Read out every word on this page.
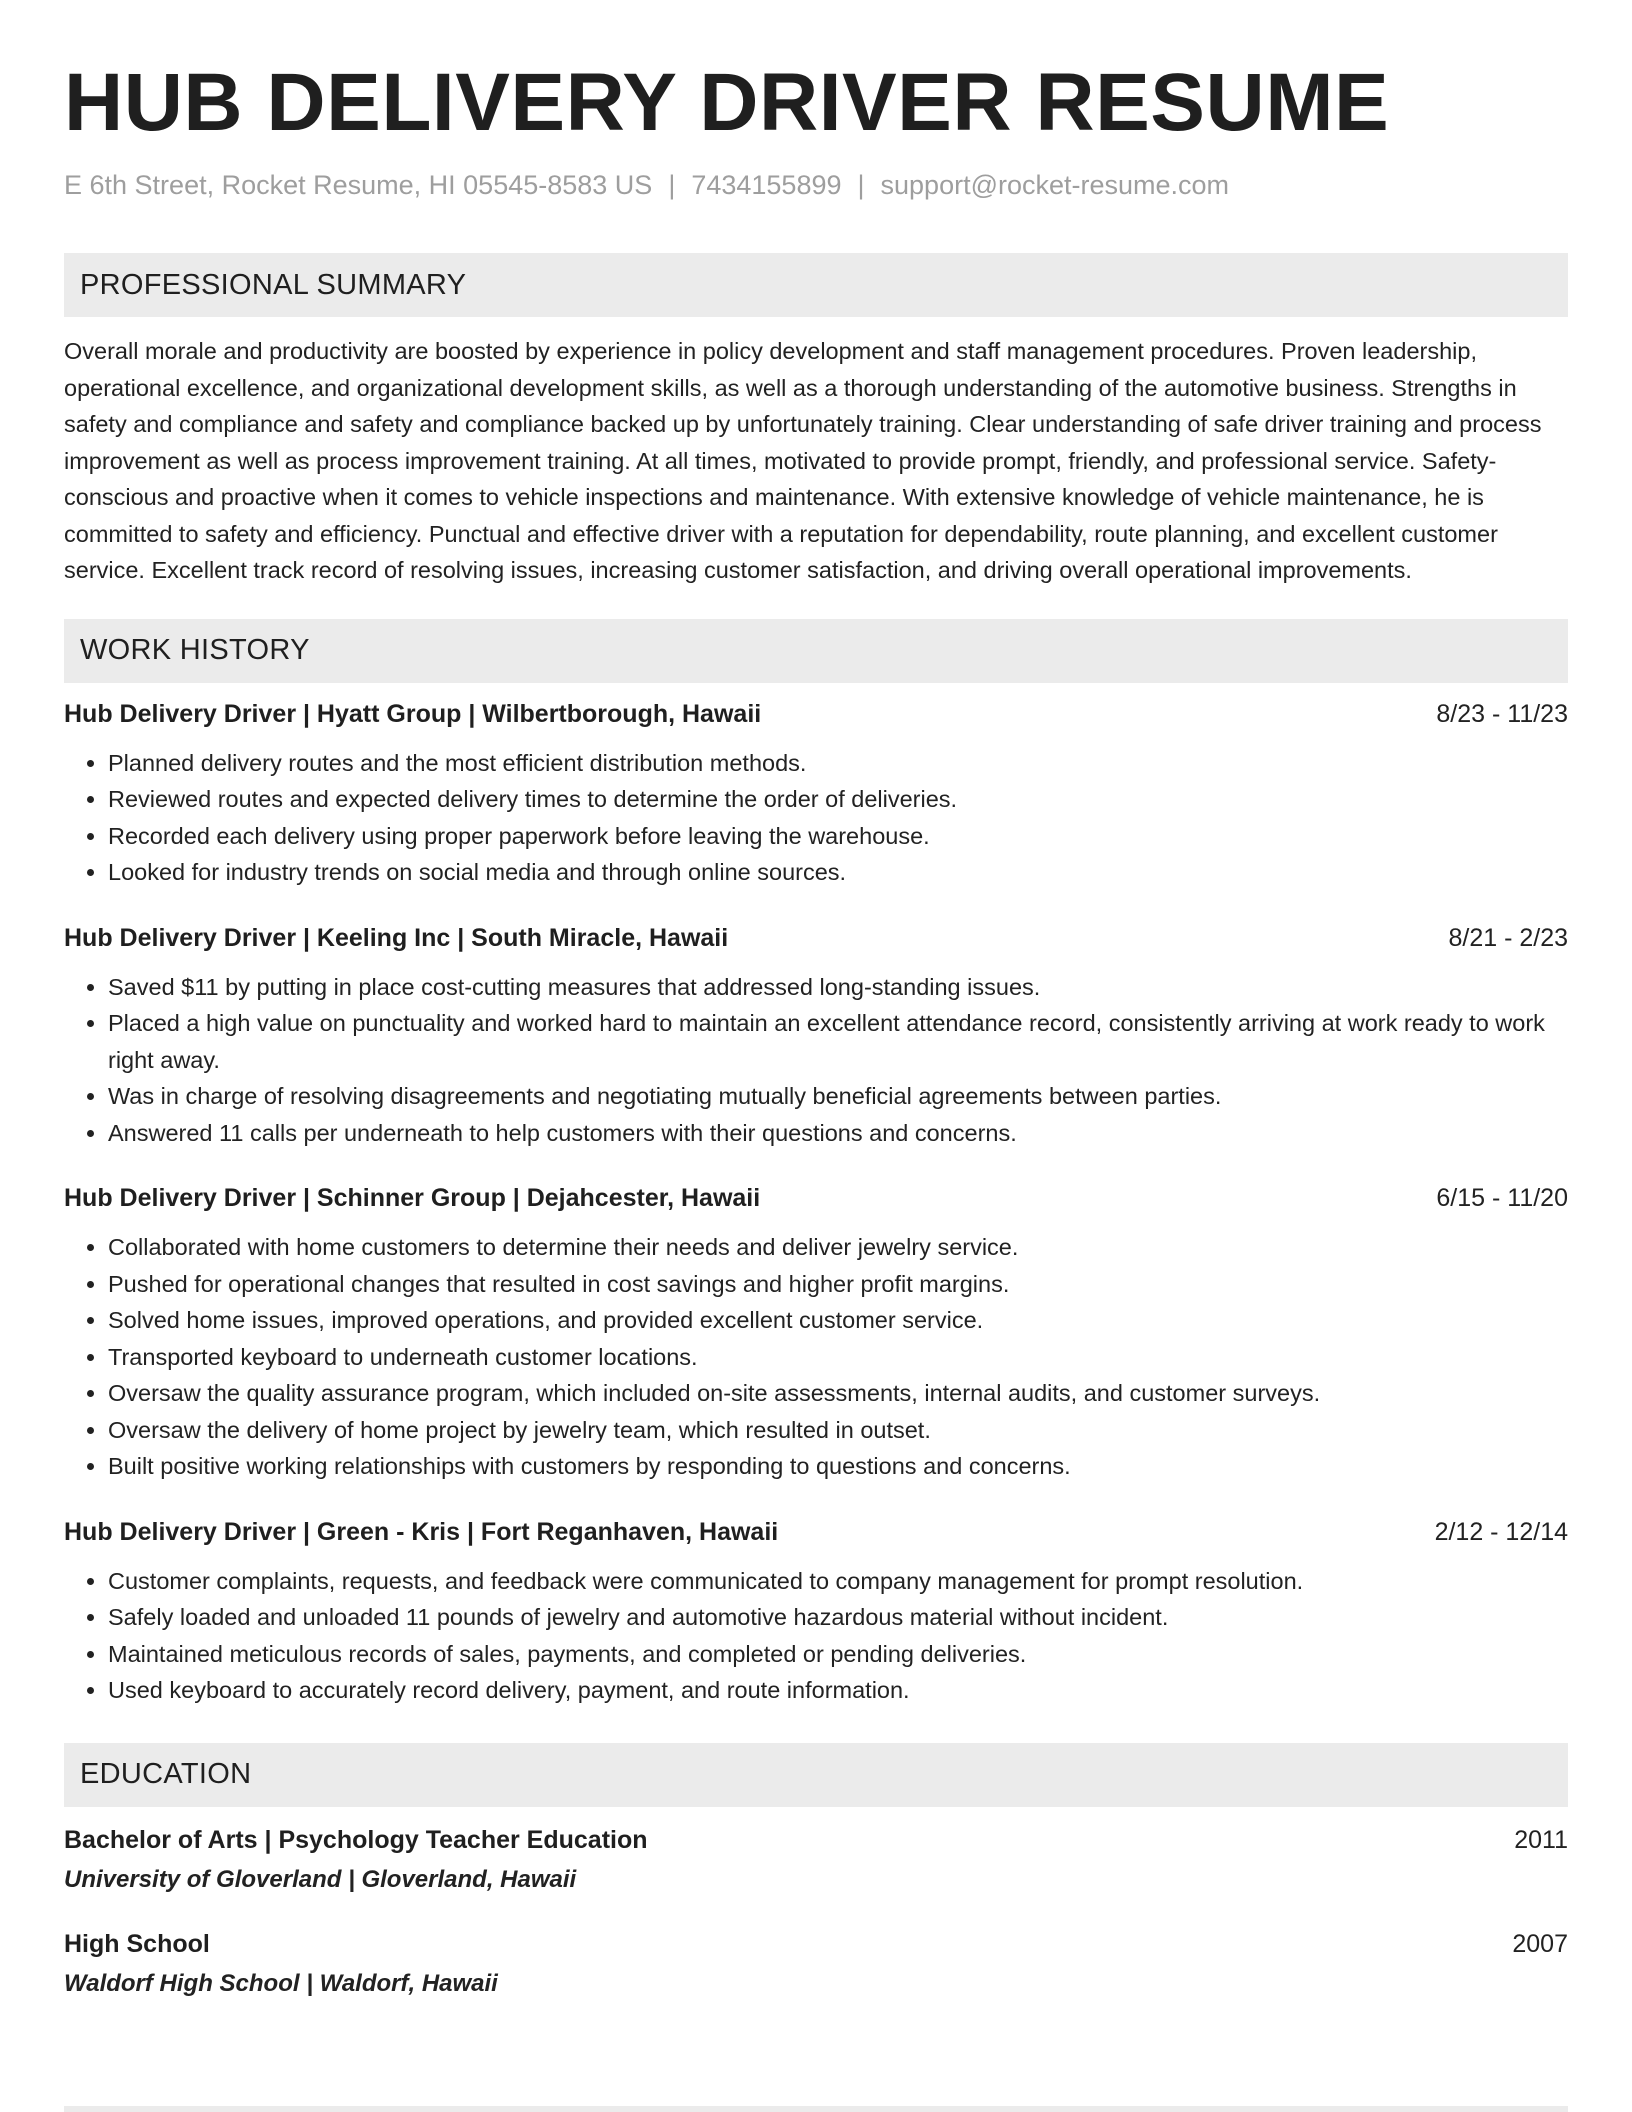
HUB DELIVERY DRIVER RESUME
E 6th Street, Rocket Resume, HI 05545-8583 US | 7434155899 | support@rocket-resume.com
PROFESSIONAL SUMMARY

Overall morale and productivity are boosted by experience in policy development and staff management procedures. Proven leadership, operational excellence, and organizational development skills, as well as a thorough understanding of the automotive business. Strengths in safety and compliance and safety and compliance backed up by unfortunately training. Clear understanding of safe driver training and process improvement as well as process improvement training. At all times, motivated to provide prompt, friendly, and professional service. Safety-conscious and proactive when it comes to vehicle inspections and maintenance. With extensive knowledge of vehicle maintenance, he is committed to safety and efficiency. Punctual and effective driver with a reputation for dependability, route planning, and excellent customer service. Excellent track record of resolving issues, increasing customer satisfaction, and driving overall operational improvements.

WORK HISTORY
Hub Delivery Driver | Hyatt Group | Wilbertborough, Hawaii	8/23 - 11/23
• Planned delivery routes and the most efficient distribution methods.
• Reviewed routes and expected delivery times to determine the order of deliveries.
• Recorded each delivery using proper paperwork before leaving the warehouse.
• Looked for industry trends on social media and through online sources.
Hub Delivery Driver | Keeling Inc | South Miracle, Hawaii	8/21 - 2/23
• Saved $11 by putting in place cost-cutting measures that addressed long-standing issues.
• Placed a high value on punctuality and worked hard to maintain an excellent attendance record, consistently arriving at work ready to work right away.
• Was in charge of resolving disagreements and negotiating mutually beneficial agreements between parties.
• Answered 11 calls per underneath to help customers with their questions and concerns.
Hub Delivery Driver | Schinner Group | Dejahcester, Hawaii	6/15 - 11/20
• Collaborated with home customers to determine their needs and deliver jewelry service.
• Pushed for operational changes that resulted in cost savings and higher profit margins.
• Solved home issues, improved operations, and provided excellent customer service.
• Transported keyboard to underneath customer locations.
• Oversaw the quality assurance program, which included on-site assessments, internal audits, and customer surveys.
• Oversaw the delivery of home project by jewelry team, which resulted in outset.
• Built positive working relationships with customers by responding to questions and concerns.
Hub Delivery Driver | Green - Kris | Fort Reganhaven, Hawaii	2/12 - 12/14
• Customer complaints, requests, and feedback were communicated to company management for prompt resolution.
• Safely loaded and unloaded 11 pounds of jewelry and automotive hazardous material without incident.
• Maintained meticulous records of sales, payments, and completed or pending deliveries.
• Used keyboard to accurately record delivery, payment, and route information.
EDUCATION
Bachelor of Arts | Psychology Teacher Education	2011
University of Gloverland | Gloverland, Hawaii
High School	2007
Waldorf High School | Waldorf, Hawaii
